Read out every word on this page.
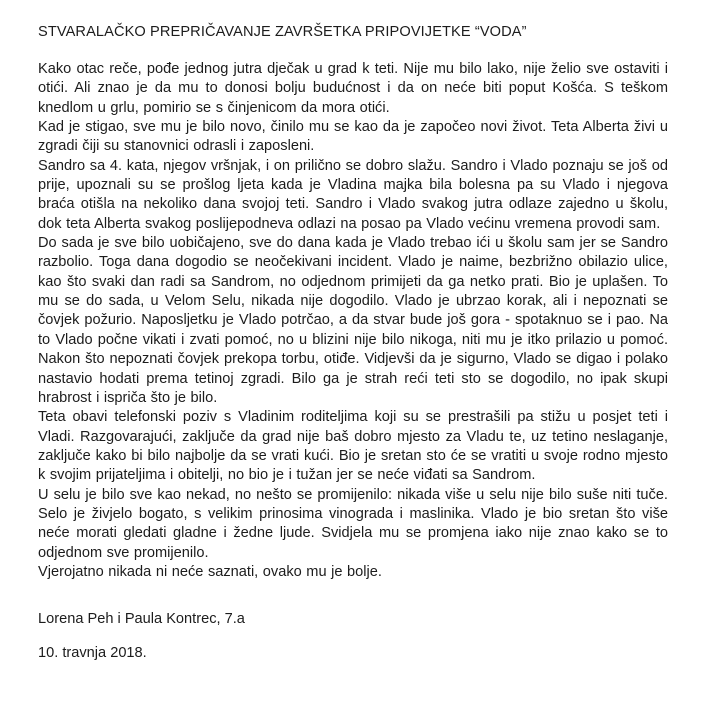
STVARALAČKO PREPRIČAVANJE ZAVRŠETKA PRIPOVIJETKE “VODA”

Kako otac reče, pođe jednog jutra dječak u grad k teti. Nije mu bilo lako, nije želio sve ostaviti i otići. Ali znao je da mu to donosi bolju budućnost i da on neće biti poput Košća. S teškom knedlom u grlu, pomirio se s činjenicom da mora otići.

Kad je stigao, sve mu je bilo novo, činilo mu se kao da je započeo novi život. Teta Alberta živi u zgradi čiji su stanovnici odrasli i zaposleni.

Sandro sa 4. kata, njegov vršnjak, i on prilično se dobro slažu. Sandro i Vlado poznaju se još od prije, upoznali su se prošlog ljeta kada je Vladina majka bila bolesna pa su Vlado i njegova braća otišla na nekoliko dana svojoj teti. Sandro i Vlado svakog jutra odlaze zajedno u školu, dok teta Alberta svakog poslijepodneva odlazi na posao pa Vlado većinu vremena provodi sam.

Do sada je sve bilo uobičajeno, sve do dana kada je Vlado trebao ići u školu sam jer se Sandro razbolio. Toga dana dogodio se neočekivani incident. Vlado je naime, bezbrižno obilazio ulice, kao što svaki dan radi sa Sandrom, no odjednom primijeti da ga netko prati. Bio je uplašen. To mu se do sada, u Velom Selu, nikada nije dogodilo. Vlado je ubrzao korak, ali i nepoznati se čovjek požurio. Naposljetku je Vlado potrčao, a da stvar bude još gora - spotaknuo se i pao. Na to Vlado počne vikati i zvati pomoć, no u blizini nije bilo nikoga, niti mu je itko prilazio u pomoć. Nakon što nepoznati čovjek prekopa torbu, otiđe. Vidjevši da je sigurno, Vlado se digao i polako nastavio hodati prema tetinoj zgradi. Bilo ga je strah reći teti sto se dogodilo, no ipak skupi hrabrost i ispriča što je bilo.

Teta obavi telefonski poziv s Vladinim roditeljima koji su se prestrašili pa stižu u posjet teti i Vladi. Razgovarajući, zaključe da grad nije baš dobro mjesto za Vladu te, uz tetino neslaganje, zaključe kako bi bilo najbolje da se vrati kući. Bio je sretan sto će se vratiti u svoje rodno mjesto k svojim prijateljima i obitelji, no bio je i tužan jer se neće viđati sa Sandrom.

U selu je bilo sve kao nekad, no nešto se promijenilo: nikada više u selu nije bilo suše niti tuče. Selo je živjelo bogato, s velikim prinosima vinograda i maslinika. Vlado je bio sretan što više neće morati gledati gladne i žedne ljude. Svidjela mu se promjena iako nije znao kako se to odjednom sve promijenilo.

Vjerojatno nikada ni neće saznati, ovako mu je bolje.

Lorena Peh i Paula Kontrec, 7.a

10. travnja 2018.
